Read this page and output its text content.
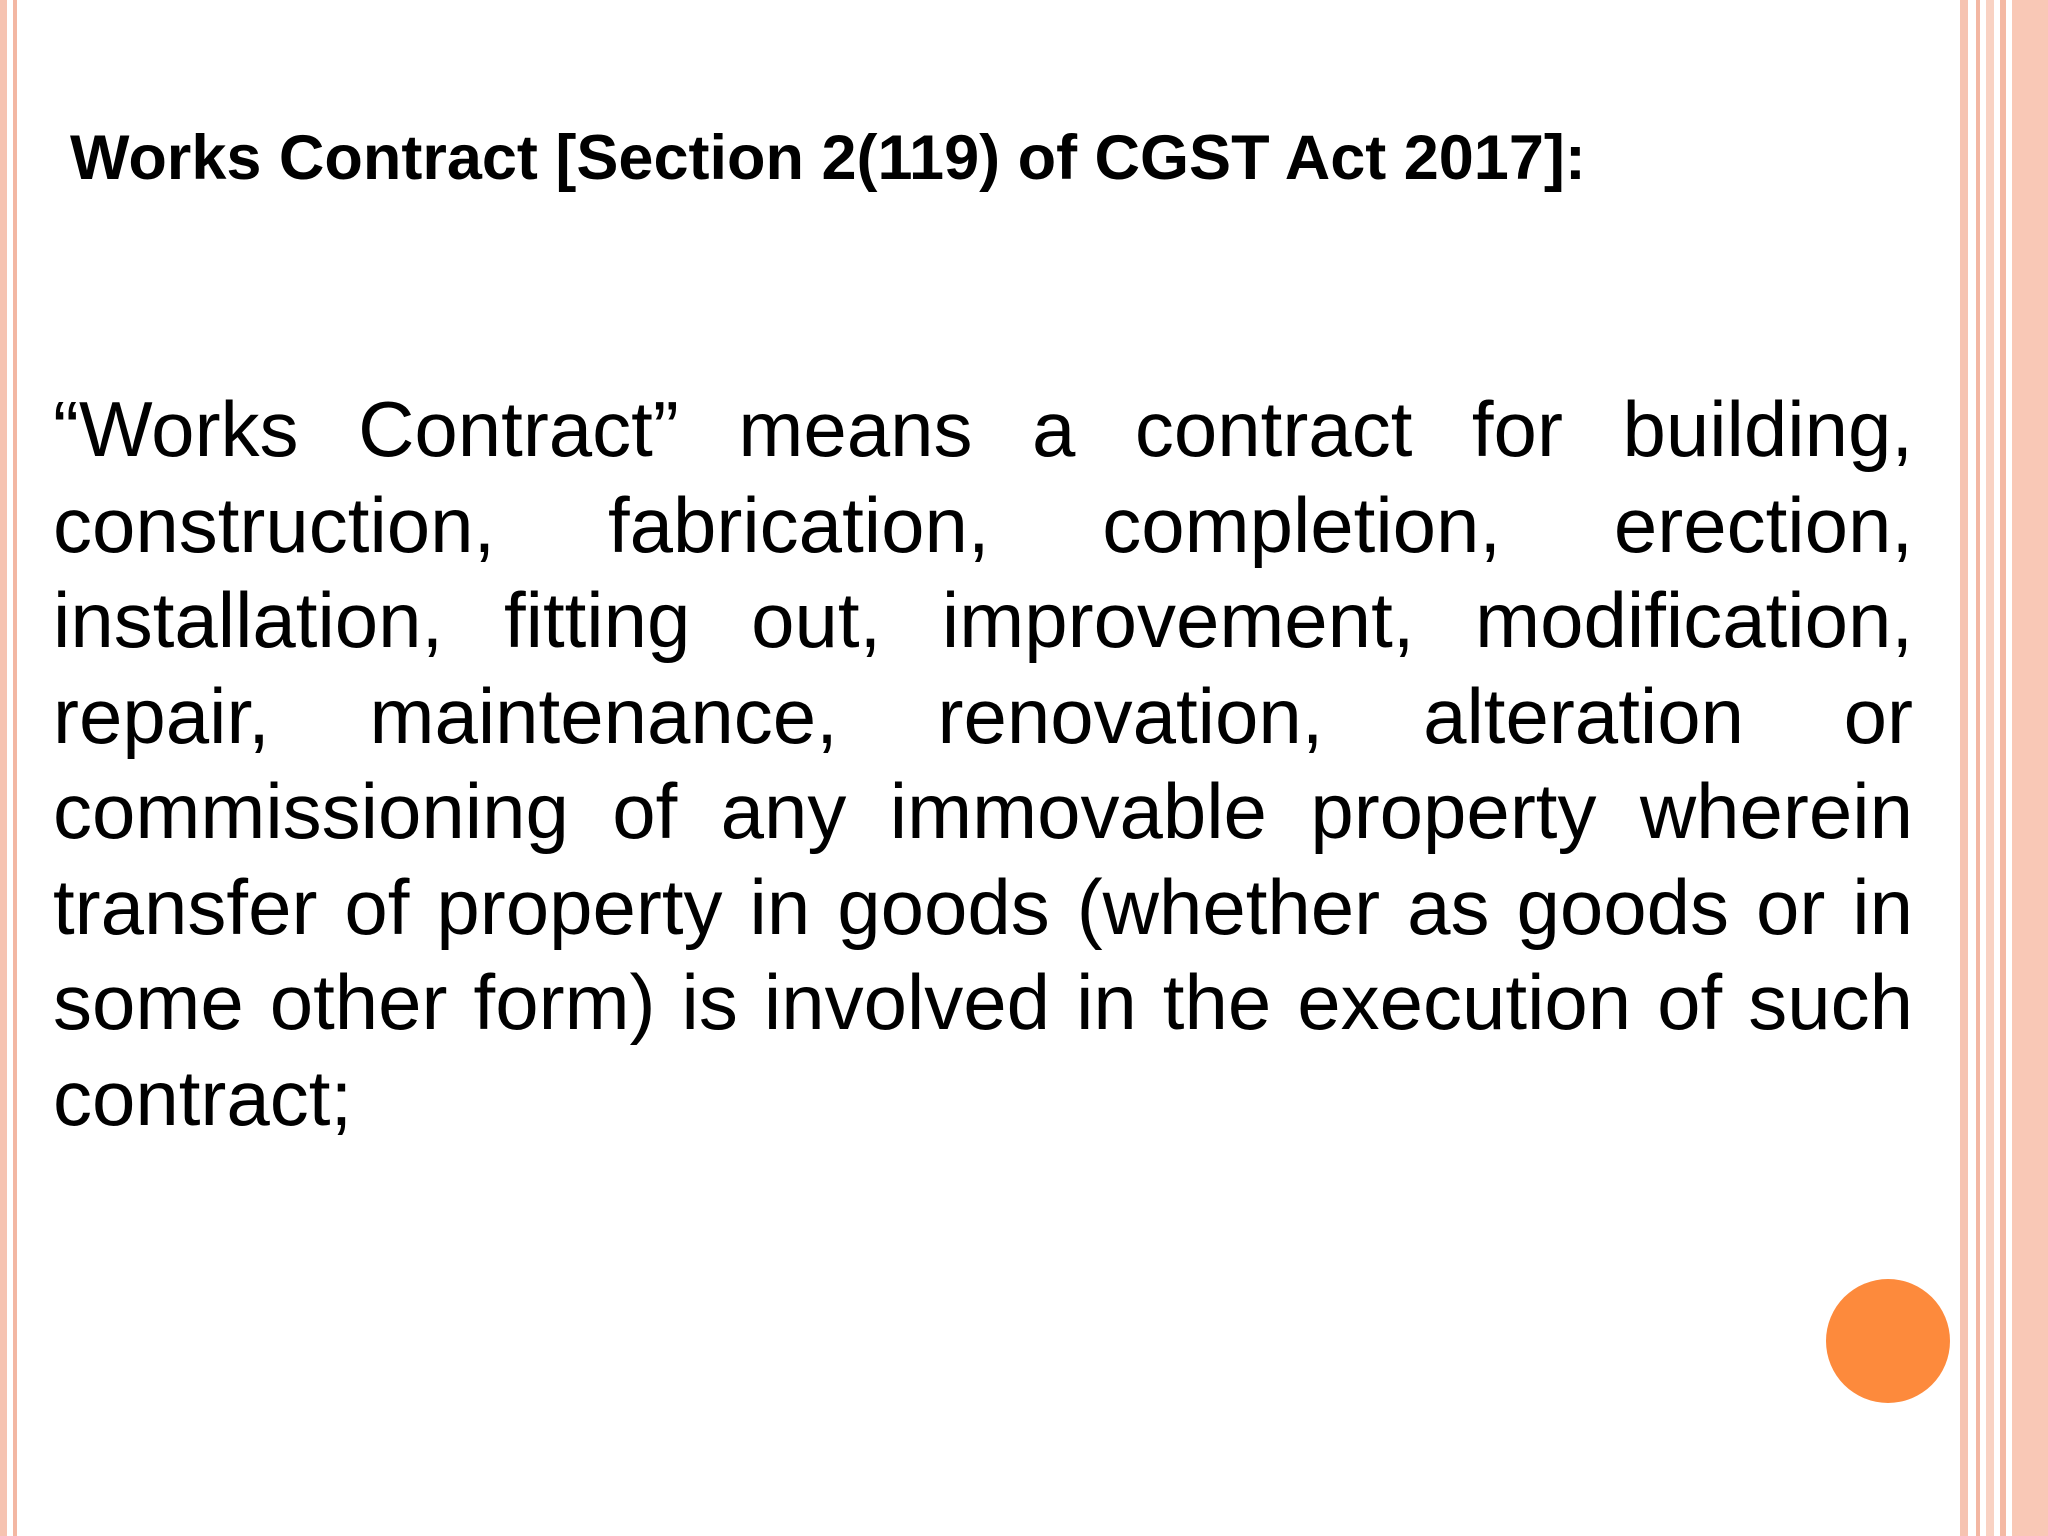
Works Contract [Section 2(119) of CGST Act 2017]:

“Works Contract” means a contract for building, construction, fabrication, completion, erection, installation, fitting out, improvement, modification, repair, maintenance, renovation, alteration or commissioning of any immovable property wherein transfer of property in goods (whether as goods or in some other form) is involved in the execution of such contract;
